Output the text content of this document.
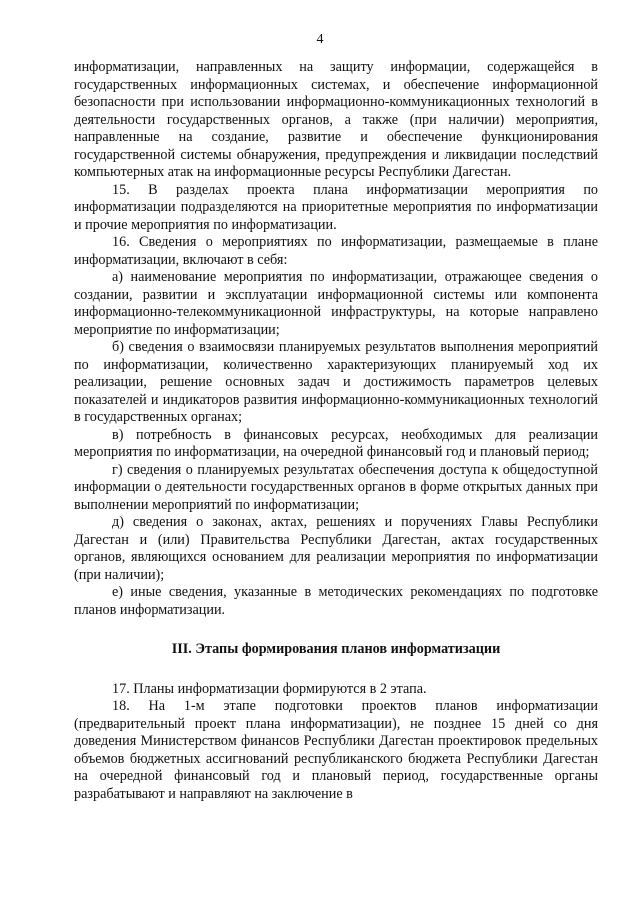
4

информатизации, направленных на защиту информации, содержащейся в государственных информационных системах, и обеспечение информационной безопасности при использовании информационно-коммуникационных технологий в деятельности государственных органов, а также (при наличии) мероприятия, направленные на создание, развитие и обеспечение функционирования государственной системы обнаружения, предупреждения и ликвидации последствий компьютерных атак на информационные ресурсы Республики Дагестан.

15. В разделах проекта плана информатизации мероприятия по информатизации подразделяются на приоритетные мероприятия по информатизации и прочие мероприятия по информатизации.

16. Сведения о мероприятиях по информатизации, размещаемые в плане информатизации, включают в себя:

а) наименование мероприятия по информатизации, отражающее сведения о создании, развитии и эксплуатации информационной системы или компонента информационно-телекоммуникационной инфраструктуры, на которые направлено мероприятие по информатизации;

б) сведения о взаимосвязи планируемых результатов выполнения мероприятий по информатизации, количественно характеризующих планируемый ход их реализации, решение основных задач и достижимость параметров целевых показателей и индикаторов развития информационно-коммуникационных технологий в государственных органах;

в) потребность в финансовых ресурсах, необходимых для реализации мероприятия по информатизации, на очередной финансовый год и плановый период;

г) сведения о планируемых результатах обеспечения доступа к общедоступной информации о деятельности государственных органов в форме открытых данных при выполнении мероприятий по информатизации;

д) сведения о законах, актах, решениях и поручениях Главы Республики Дагестан и (или) Правительства Республики Дагестан, актах государственных органов, являющихся основанием для реализации мероприятия по информатизации (при наличии);

е) иные сведения, указанные в методических рекомендациях по подготовке планов информатизации.

III. Этапы формирования планов информатизации

17. Планы информатизации формируются в 2 этапа.

18. На 1-м этапе подготовки проектов планов информатизации (предварительный проект плана информатизации), не позднее 15 дней со дня доведения Министерством финансов Республики Дагестан проектировок предельных объемов бюджетных ассигнований республиканского бюджета Республики Дагестан на очередной финансовый год и плановый период, государственные органы разрабатывают и направляют на заключение в
